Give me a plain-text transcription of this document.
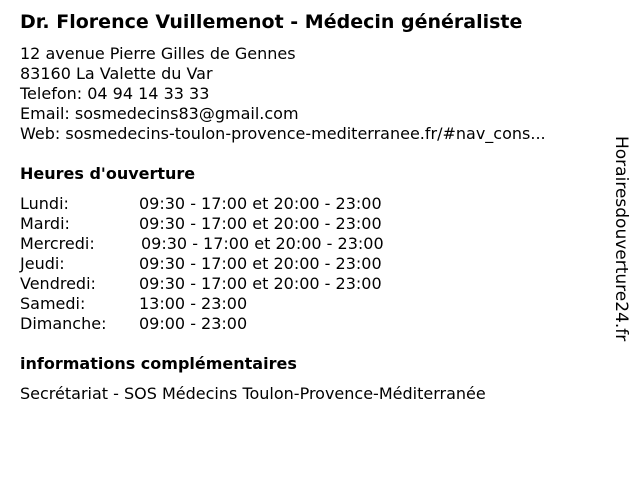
Dr. Florence Vuillemenot - Médecin généraliste
12 avenue Pierre Gilles de Gennes
83160 La Valette du Var
Telefon: 04 94 14 33 33
Email: sosmedecins83@gmail.com
Web: sosmedecins-toulon-provence-mediterranee.fr/#nav_cons...
Heures d'ouverture
Lundi:	09:30 - 17:00 et 20:00 - 23:00
Mardi:	09:30 - 17:00 et 20:00 - 23:00
Mercredi:	09:30 - 17:00 et 20:00 - 23:00
Jeudi:	09:30 - 17:00 et 20:00 - 23:00
Vendredi:	09:30 - 17:00 et 20:00 - 23:00
Samedi:	13:00 - 23:00
Dimanche: 09:00 - 23:00
informations complémentaires
Secrétariat - SOS Médecins Toulon-Provence-Méditerranée
Horairesdouverture24.fr
